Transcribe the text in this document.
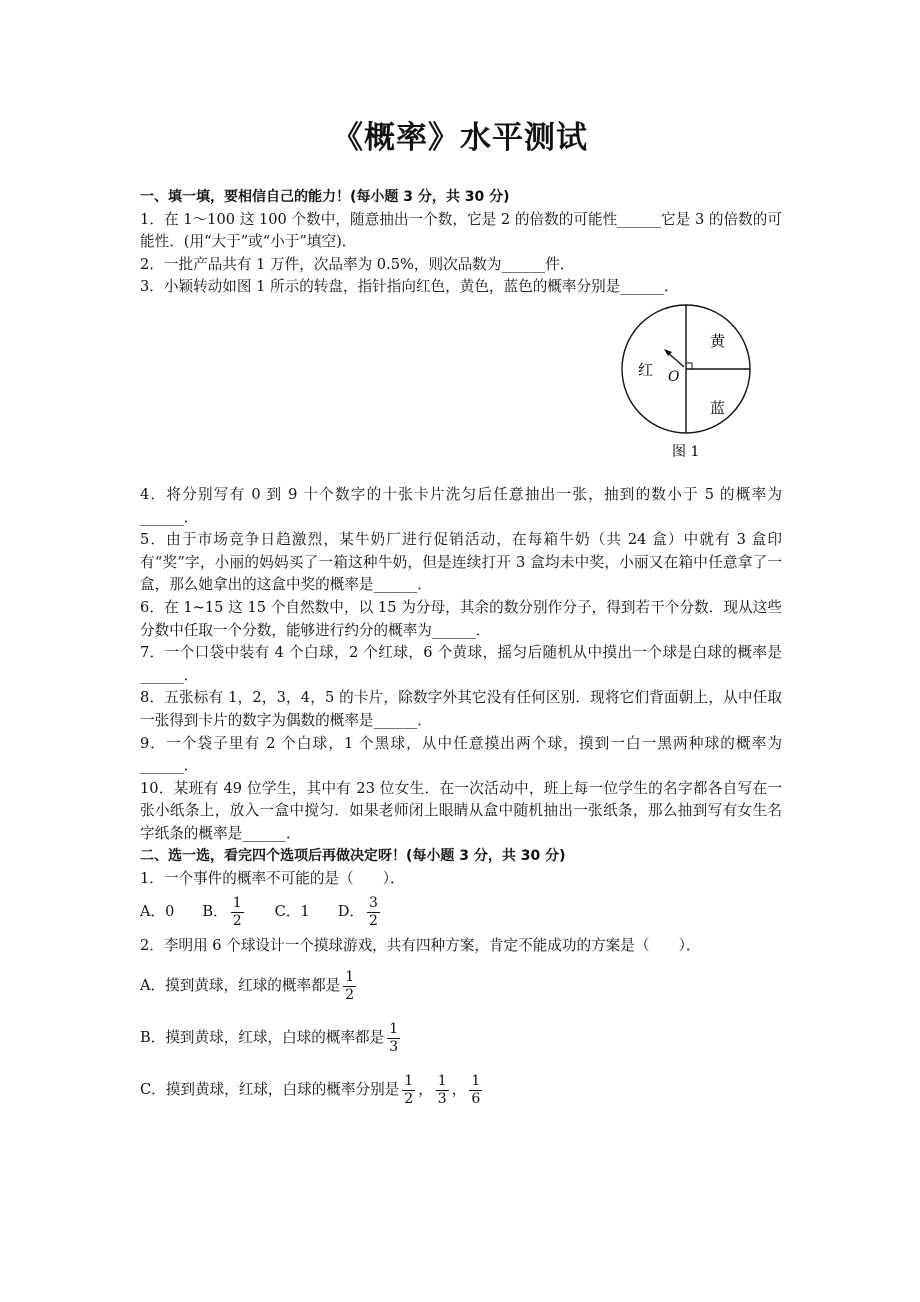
《概率》水平测试

一、填一填，要相信自己的能力！(每小题 3 分，共 30 分)

1．在 1～100 这 100 个数中，随意抽出一个数，它是 2 的倍数的可能性______它是 3 的倍数的可能性．(用“大于”或“小于”填空)．

2．一批产品共有 1 万件，次品率为 0.5%，则次品数为______件．

3．小颖转动如图 1 所示的转盘，指针指向红色，黄色，蓝色的概率分别是______．

黄
红 O
蓝
图 1

4．将分别写有 0 到 9 十个数字的十张卡片洗匀后任意抽出一张，抽到的数小于 5 的概率为______．

5．由于市场竞争日趋激烈，某牛奶厂进行促销活动，在每箱牛奶（共 24 盒）中就有 3 盒印有“奖”字，小丽的妈妈买了一箱这种牛奶，但是连续打开 3 盒均未中奖，小丽又在箱中任意拿了一盒，那么她拿出的这盒中奖的概率是______．

6．在 1~15 这 15 个自然数中，以 15 为分母，其余的数分别作分子，得到若干个分数．现从这些分数中任取一个分数，能够进行约分的概率为______．

7．一个口袋中装有 4 个白球，2 个红球，6 个黄球，摇匀后随机从中摸出一个球是白球的概率是______．

8．五张标有 1，2，3，4，5 的卡片，除数字外其它没有任何区别．现将它们背面朝上，从中任取一张得到卡片的数字为偶数的概率是______．

9．一个袋子里有 2 个白球，1 个黑球，从中任意摸出两个球，摸到一白一黑两种球的概率为______．

10．某班有 49 位学生，其中有 23 位女生．在一次活动中，班上每一位学生的名字都各自写在一张小纸条上，放入一盒中搅匀．如果老师闭上眼睛从盒中随机抽出一张纸条，那么抽到写有女生名字纸条的概率是______．

二、选一选，看完四个选项后再做决定呀！(每小题 3 分，共 30 分)

1．一个事件的概率不可能的是（　　）．

A．0 B． $\frac{1}{2}$ C．1 D． $\frac{3}{2}$

2．李明用 6 个球设计一个摸球游戏，共有四种方案，肯定不能成功的方案是（　　）．

A．摸到黄球，红球的概率都是 $\frac{1}{2}$
B．摸到黄球，红球，白球的概率都是 $\frac{1}{3}$
C．摸到黄球，红球，白球的概率分别是 $\frac{1}{2}$ ， $\frac{1}{3}$ ， $\frac{1}{6}$
